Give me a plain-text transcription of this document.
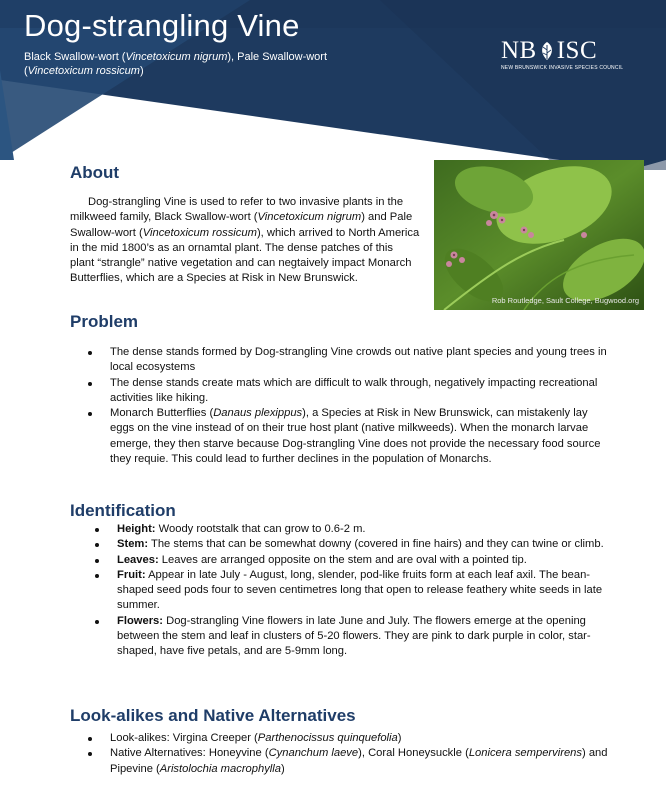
Dog-strangling Vine
Black Swallow-wort (Vincetoxicum nigrum), Pale Swallow-wort
(Vincetoxicum rossicum)
NB ISC
NEW BRUNSWICK INVASIVE SPECIES COUNCIL
Rob Routledge, Sault College, Bugwood.org
About

Dog-strangling Vine is used to refer to two invasive plants in the milkweed family, Black Swallow-wort (Vincetoxicum nigrum) and Pale Swallow-wort (Vincetoxicum rossicum), which arrived to North America in the mid 1800’s as an ornamtal plant. The dense patches of this plant “strangle” native vegetation and can negtaively impact Monarch Butterflies, which are a Species at Risk in New Brunswick.

Problem
The dense stands formed by Dog-strangling Vine crowds out native plant species and young trees in local ecosystems
The dense stands create mats which are difficult to walk through, negatively impacting recreational activities like hiking.
Monarch Butterflies (Danaus plexippus), a Species at Risk in New Brunswick, can mistakenly lay eggs on the vine instead of on their true host plant (native milkweeds). When the monarch larvae emerge, they then starve because Dog-strangling Vine does not provide the necessary food source they requie. This could lead to further declines in the population of Monarchs.
Identification
Height: Woody rootstalk that can grow to 0.6-2 m.
Stem: The stems that can be somewhat downy (covered in fine hairs) and they can twine or climb.
Leaves: Leaves are arranged opposite on the stem and are oval with a pointed tip.
Fruit: Appear in late July - August, long, slender, pod-like fruits form at each leaf axil. The bean-shaped seed pods four to seven centimetres long that open to release feathery white seeds in late summer.
Flowers: Dog-strangling Vine flowers in late June and July. The flowers emerge at the opening between the stem and leaf in clusters of 5-20 flowers. They are pink to dark purple in color, star-shaped, have five petals, and are 5-9mm long.
Look-alikes and Native Alternatives
Look-alikes: Virgina Creeper (Parthenocissus quinquefolia)
Native Alternatives: Honeyvine (Cynanchum laeve), Coral Honeysuckle (Lonicera sempervirens) and Pipevine (Aristolochia macrophylla)
